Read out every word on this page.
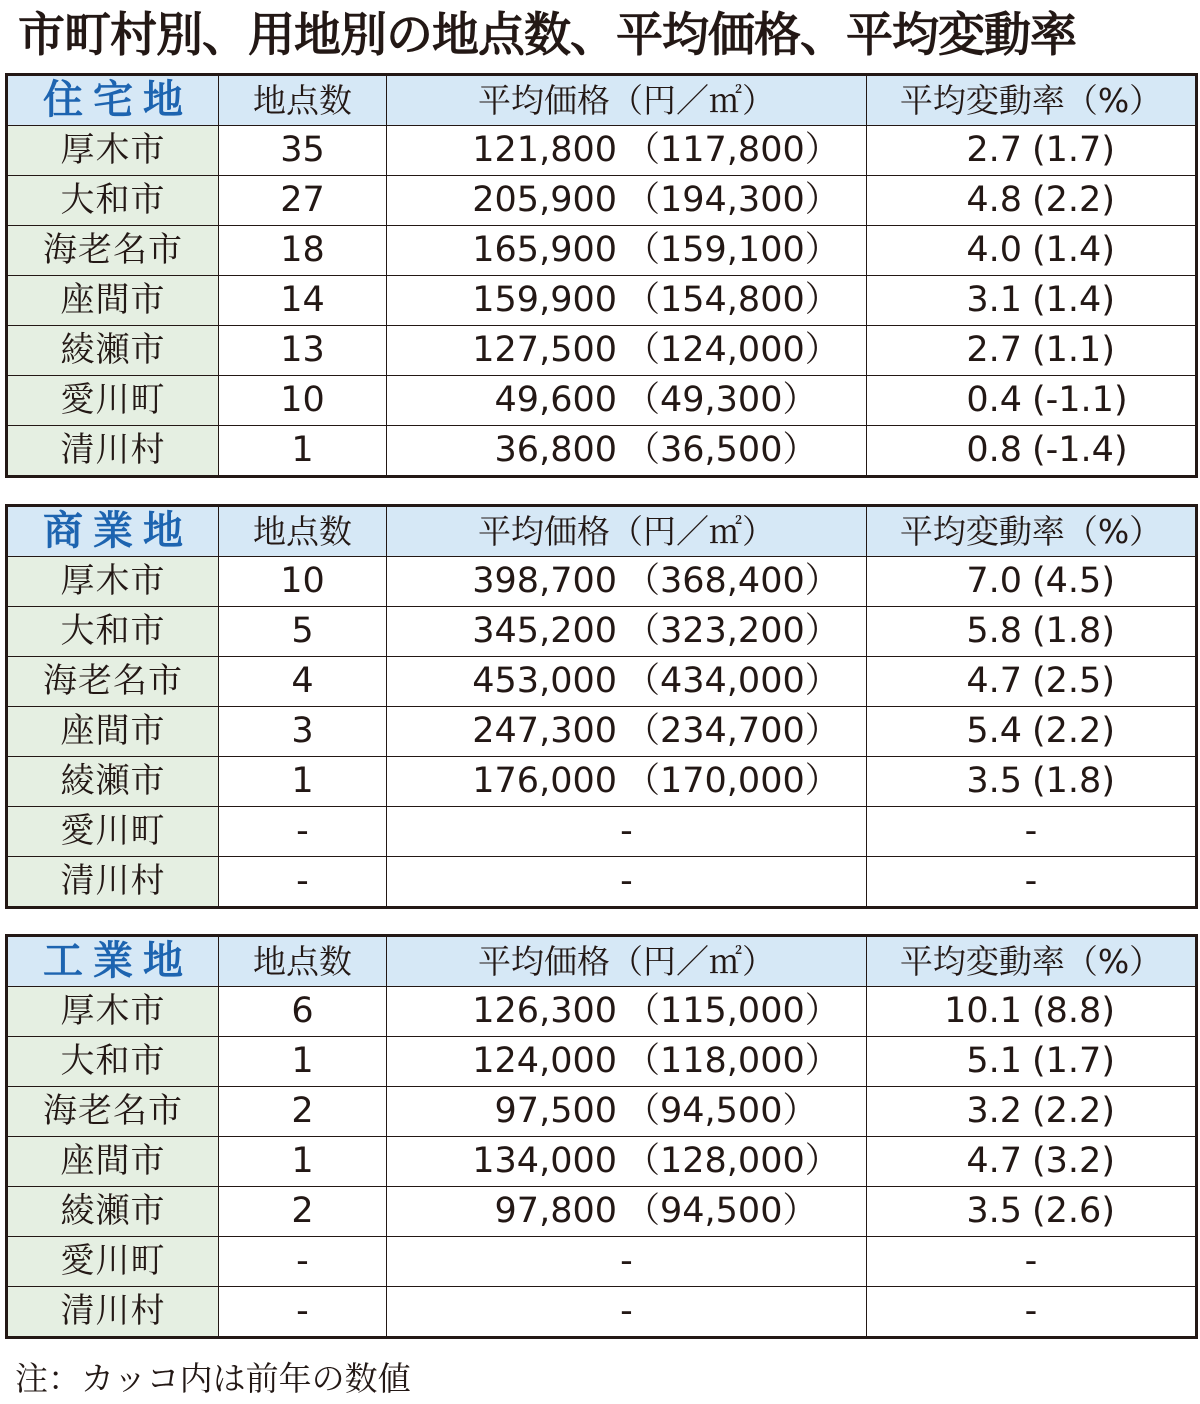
市町村別、用地別の地点数、平均価格、平均変動率
住宅地	地点数	平均価格（円／㎡）	平均変動率（%）
厚木市	35	121,800 （117,800）	2.7 (1.7)
大和市	27	205,900 （194,300）	4.8 (2.2)
海老名市	18	165,900 （159,100）	4.0 (1.4)
座間市	14	159,900 （154,800）	3.1 (1.4)
綾瀬市	13	127,500 （124,000）	2.7 (1.1)
愛川町	10	49,600 （49,300）	0.4 (-1.1)
清川村	1	36,800 （36,500）	0.8 (-1.4)
商業地	地点数	平均価格（円／㎡）	平均変動率（%）
厚木市	10	398,700 （368,400）	7.0 (4.5)
大和市	5	345,200 （323,200）	5.8 (1.8)
海老名市	4	453,000 （434,000）	4.7 (2.5)
座間市	3	247,300 （234,700）	5.4 (2.2)
綾瀬市	1	176,000 （170,000）	3.5 (1.8)
愛川町	-	-	-
清川村	-	-	-
工業地	地点数	平均価格（円／㎡）	平均変動率（%）
厚木市	6	126,300 （115,000）	10.1 (8.8)
大和市	1	124,000 （118,000）	5.1 (1.7)
海老名市	2	97,500 （94,500）	3.2 (2.2)
座間市	1	134,000 （128,000）	4.7 (3.2)
綾瀬市	2	97,800 （94,500）	3.5 (2.6)
愛川町	-	-	-
清川村	-	-	-
注：カッコ内は前年の数値
